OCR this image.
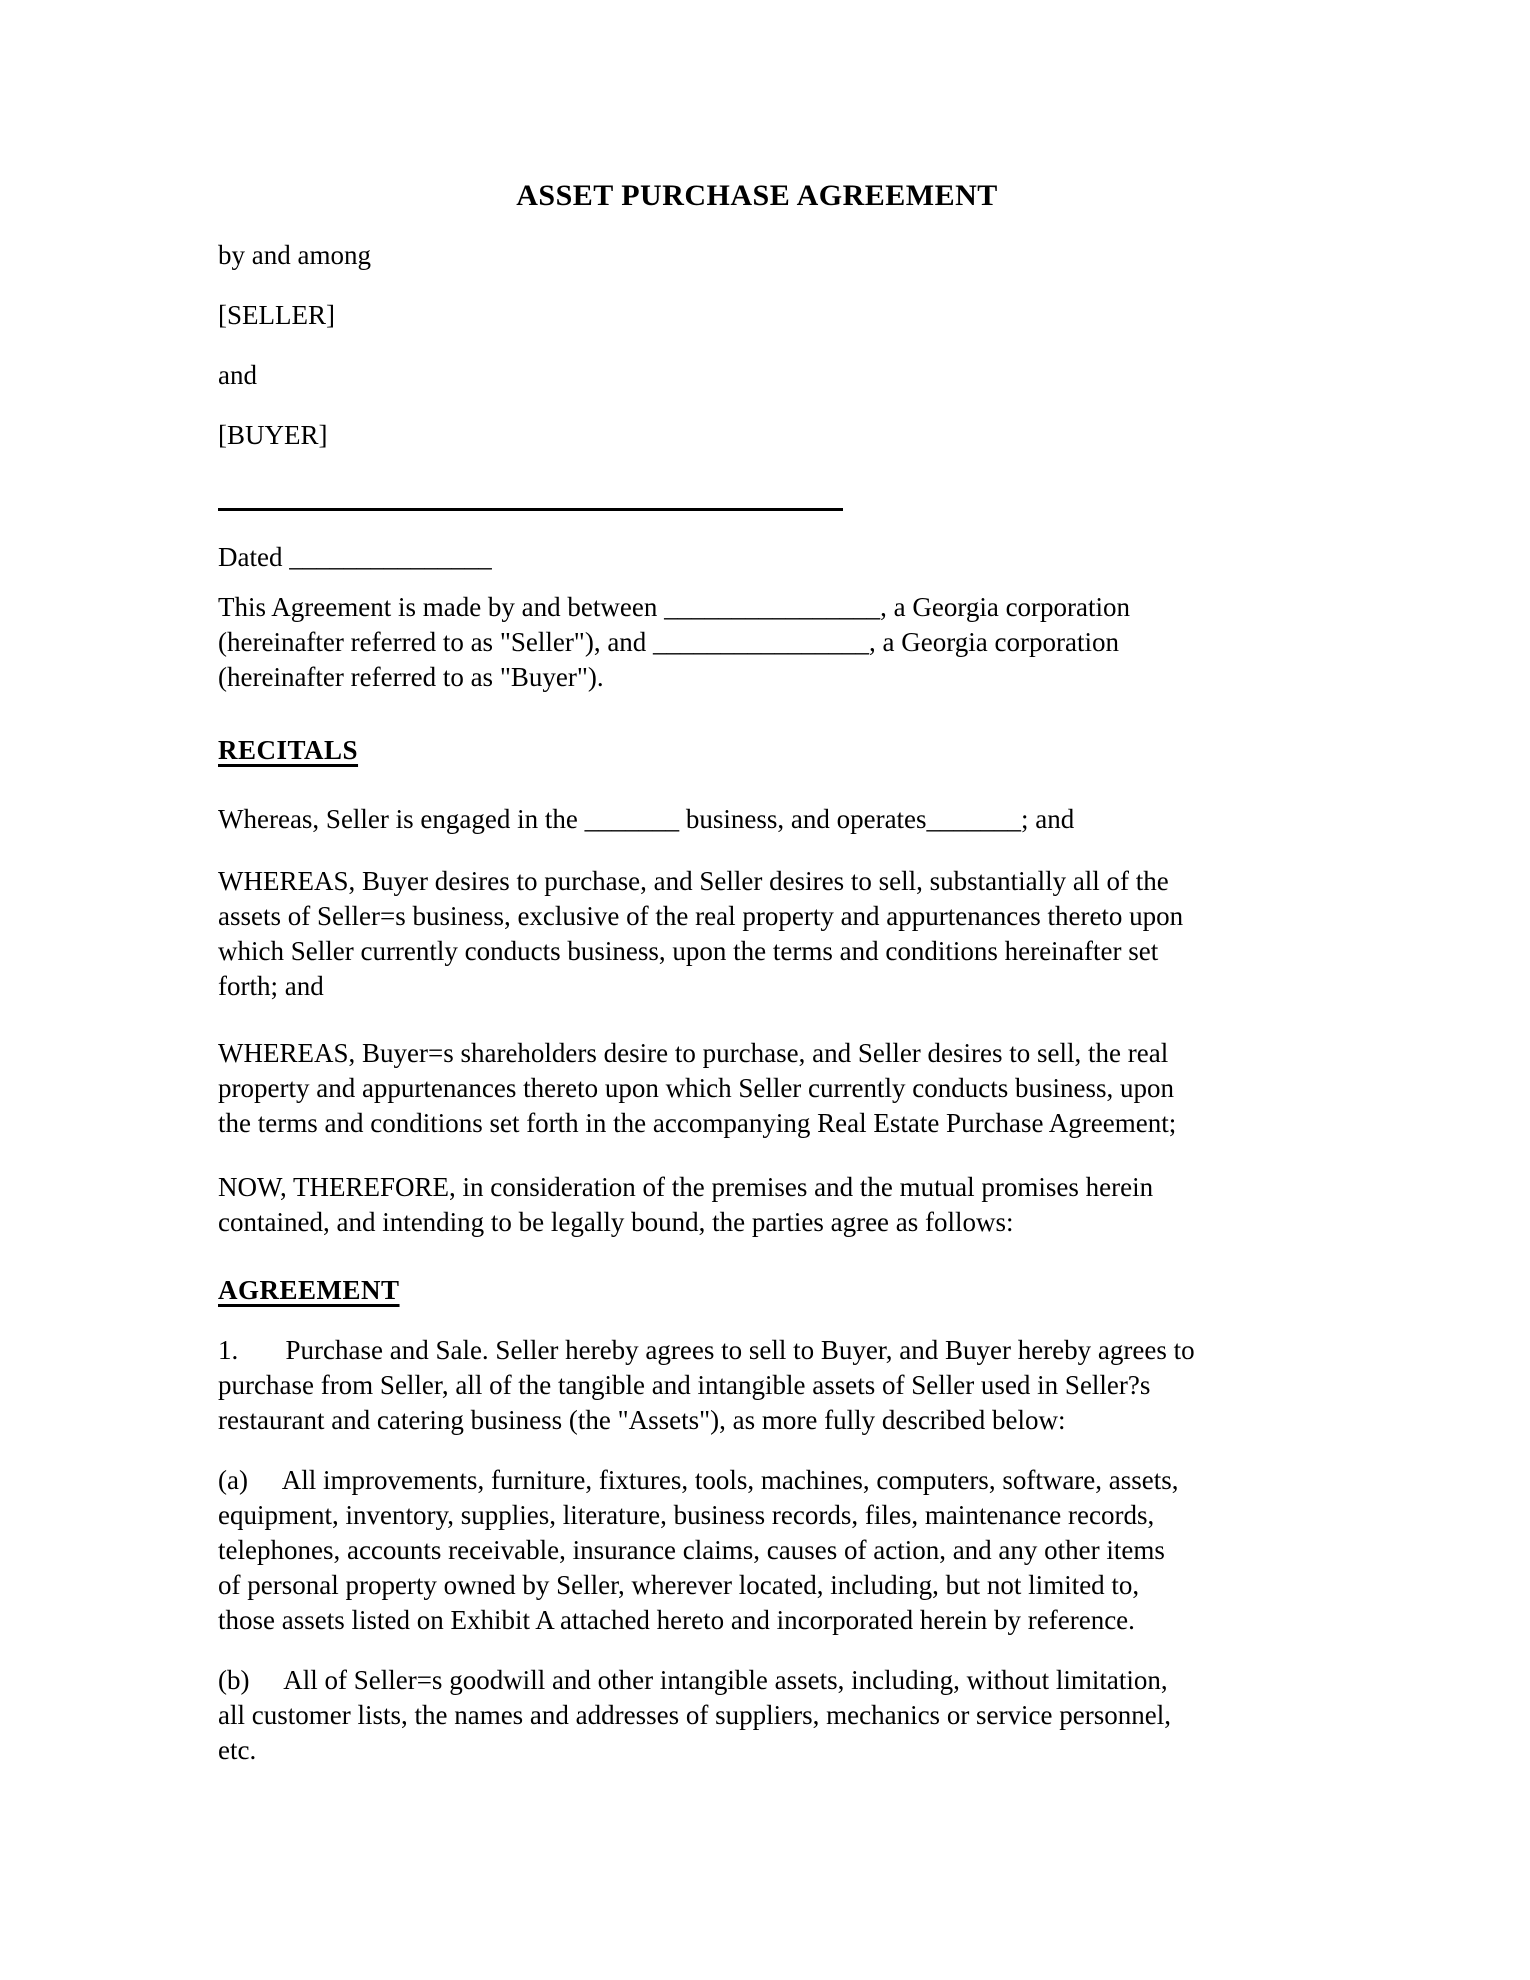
ASSET PURCHASE AGREEMENT
by and among
[SELLER]
and
[BUYER]
Dated _______________
This Agreement is made by and between ________________, a Georgia corporation
(hereinafter referred to as "Seller"), and ________________, a Georgia corporation
(hereinafter referred to as "Buyer").
RECITALS
Whereas, Seller is engaged in the _______ business, and operates_______; and
WHEREAS, Buyer desires to purchase, and Seller desires to sell, substantially all of the
assets of Seller=s business, exclusive of the real property and appurtenances thereto upon
which Seller currently conducts business, upon the terms and conditions hereinafter set
forth; and
WHEREAS, Buyer=s shareholders desire to purchase, and Seller desires to sell, the real
property and appurtenances thereto upon which Seller currently conducts business, upon
the terms and conditions set forth in the accompanying Real Estate Purchase Agreement;
NOW, THEREFORE, in consideration of the premises and the mutual promises herein
contained, and intending to be legally bound, the parties agree as follows:
AGREEMENT
1.       Purchase and Sale. Seller hereby agrees to sell to Buyer, and Buyer hereby agrees to
purchase from Seller, all of the tangible and intangible assets of Seller used in Seller?s
restaurant and catering business (the "Assets"), as more fully described below:
(a)     All improvements, furniture, fixtures, tools, machines, computers, software, assets,
equipment, inventory, supplies, literature, business records, files, maintenance records,
telephones, accounts receivable, insurance claims, causes of action, and any other items
of personal property owned by Seller, wherever located, including, but not limited to,
those assets listed on Exhibit A attached hereto and incorporated herein by reference.
(b)     All of Seller=s goodwill and other intangible assets, including, without limitation,
all customer lists, the names and addresses of suppliers, mechanics or service personnel,
etc.
